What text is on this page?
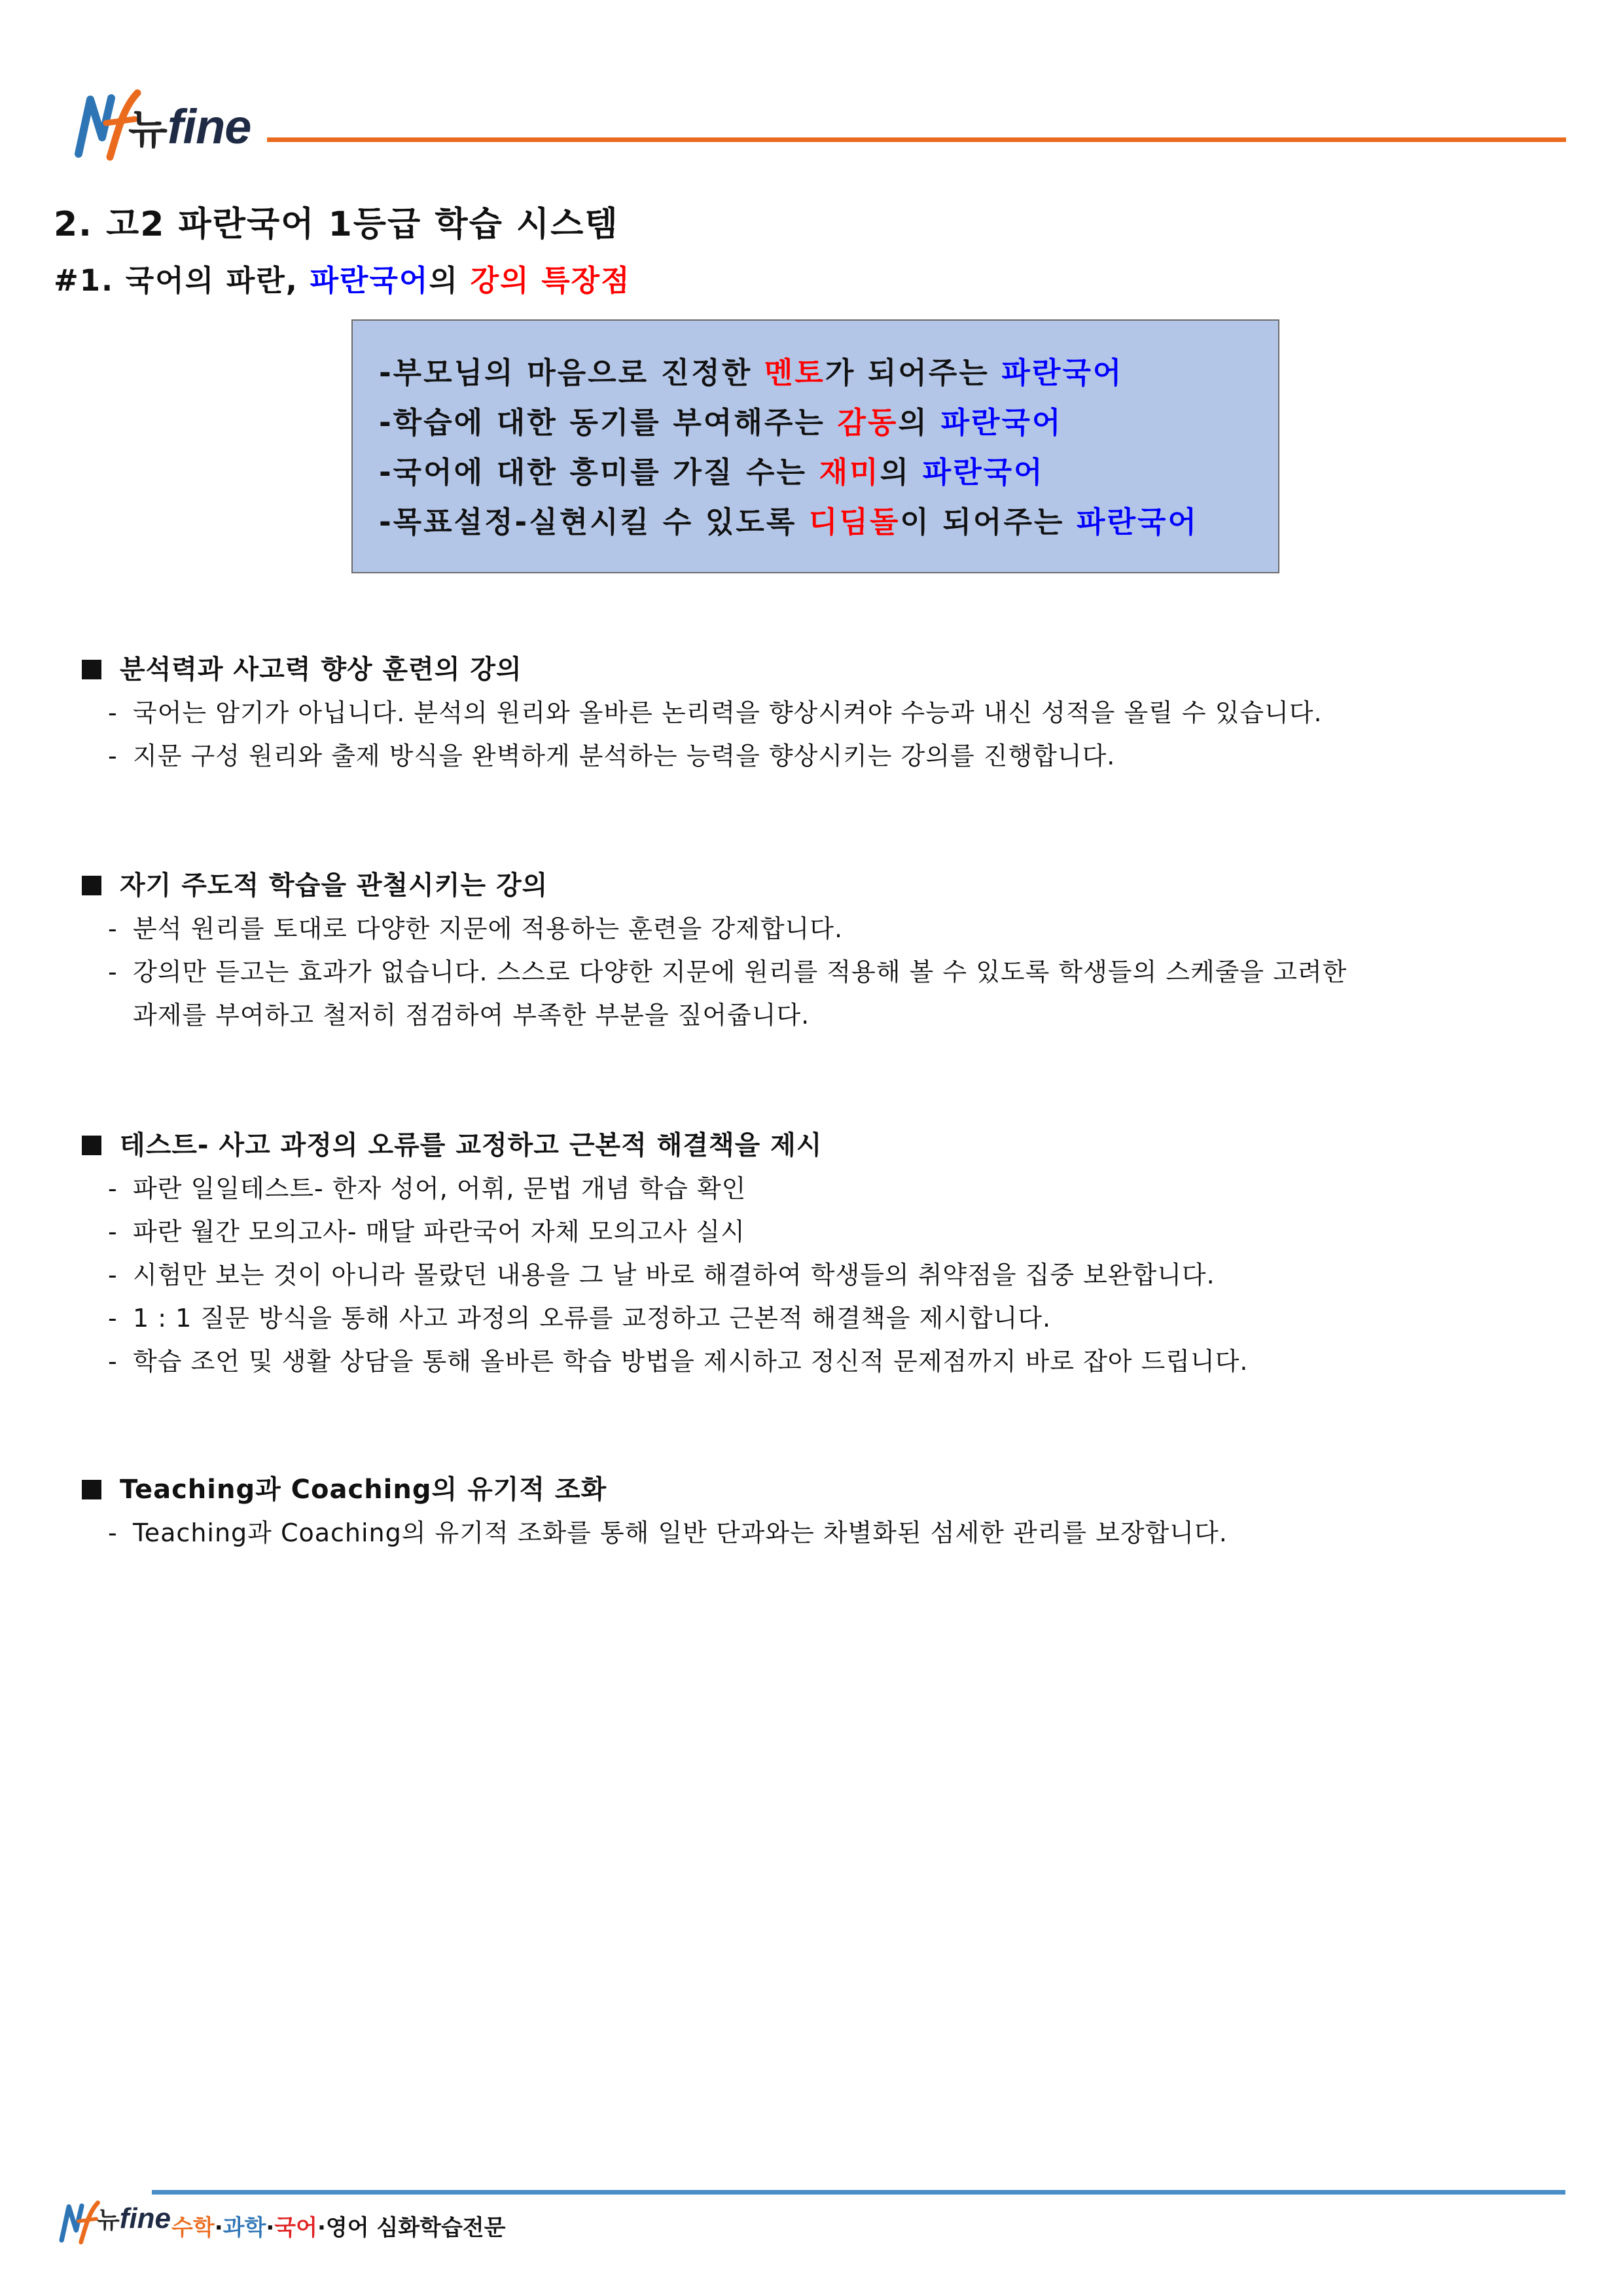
뉴fine
2. 고2 파란국어 1등급 학습 시스템
#1. 국어의 파란, 파란국어의 강의 특장점
-부모님의 마음으로 진정한 멘토가 되어주는 파란국어
-학습에 대한 동기를 부여해주는 감동의 파란국어
-국어에 대한 흥미를 가질 수는 재미의 파란국어
-목표설정-실현시킬 수 있도록 디딤돌이 되어주는 파란국어
분석력과 사고력 향상 훈련의 강의
- 국어는 암기가 아닙니다. 분석의 원리와 올바른 논리력을 향상시켜야 수능과 내신 성적을 올릴 수 있습니다.
- 지문 구성 원리와 출제 방식을 완벽하게 분석하는 능력을 향상시키는 강의를 진행합니다.
자기 주도적 학습을 관철시키는 강의
- 분석 원리를 토대로 다양한 지문에 적용하는 훈련을 강제합니다.
- 강의만 듣고는 효과가 없습니다. 스스로 다양한 지문에 원리를 적용해 볼 수 있도록 학생들의 스케줄을 고려한
과제를 부여하고 철저히 점검하여 부족한 부분을 짚어줍니다.
테스트- 사고 과정의 오류를 교정하고 근본적 해결책을 제시
- 파란 일일테스트- 한자 성어, 어휘, 문법 개념 학습 확인
- 파란 월간 모의고사- 매달 파란국어 자체 모의고사 실시
- 시험만 보는 것이 아니라 몰랐던 내용을 그 날 바로 해결하여 학생들의 취약점을 집중 보완합니다.
- 1 : 1 질문 방식을 통해 사고 과정의 오류를 교정하고 근본적 해결책을 제시합니다.
- 학습 조언 및 생활 상담을 통해 올바른 학습 방법을 제시하고 정신적 문제점까지 바로 잡아 드립니다.
Teaching과 Coaching의 유기적 조화
- Teaching과 Coaching의 유기적 조화를 통해 일반 단과와는 차별화된 섬세한 관리를 보장합니다.
뉴fine 수학·과학·국어·영어 심화학습전문
